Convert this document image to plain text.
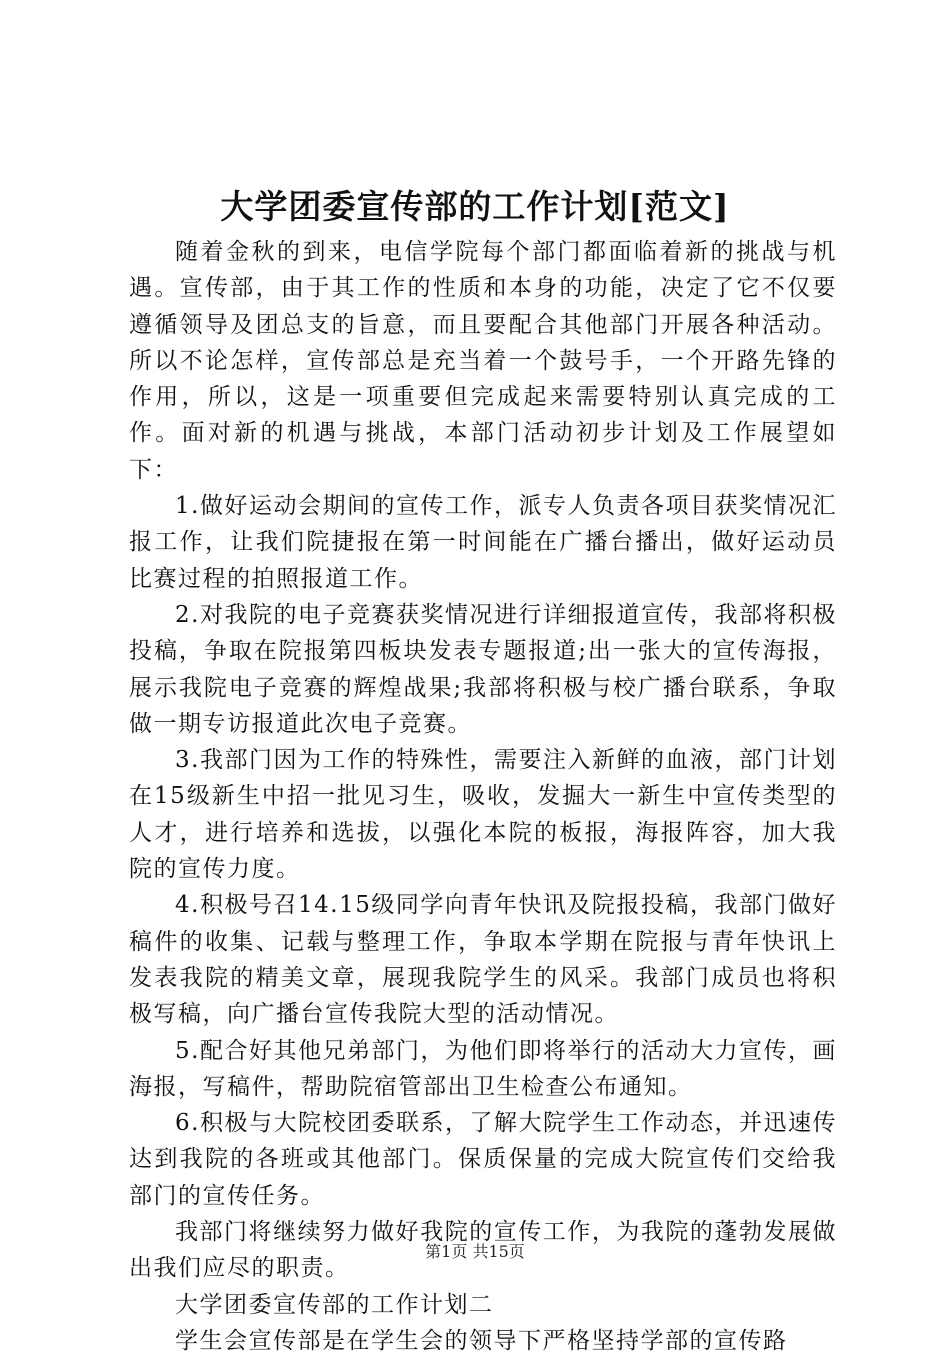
大学团委宣传部的工作计划[范文]

随着金秋的到来，电信学院每个部门都面临着新的挑战与机遇。宣传部，由于其工作的性质和本身的功能，决定了它不仅要遵循领导及团总支的旨意，而且要配合其他部门开展各种活动。所以不论怎样，宣传部总是充当着一个鼓号手，一个开路先锋的作用，所以，这是一项重要但完成起来需要特别认真完成的工作。面对新的机遇与挑战，本部门活动初步计划及工作展望如下：

1.做好运动会期间的宣传工作，派专人负责各项目获奖情况汇报工作，让我们院捷报在第一时间能在广播台播出，做好运动员比赛过程的拍照报道工作。

2.对我院的电子竞赛获奖情况进行详细报道宣传，我部将积极投稿，争取在院报第四板块发表专题报道;出一张大的宣传海报，展示我院电子竞赛的辉煌战果;我部将积极与校广播台联系，争取做一期专访报道此次电子竞赛。

3.我部门因为工作的特殊性，需要注入新鲜的血液，部门计划在15级新生中招一批见习生，吸收，发掘大一新生中宣传类型的人才，进行培养和选拔，以强化本院的板报，海报阵容，加大我院的宣传力度。

4.积极号召14.15级同学向青年快讯及院报投稿，我部门做好稿件的收集、记载与整理工作，争取本学期在院报与青年快讯上发表我院的精美文章，展现我院学生的风采。我部门成员也将积极写稿，向广播台宣传我院大型的活动情况。

5.配合好其他兄弟部门，为他们即将举行的活动大力宣传，画海报，写稿件，帮助院宿管部出卫生检查公布通知。

6.积极与大院校团委联系，了解大院学生工作动态，并迅速传达到我院的各班或其他部门。保质保量的完成大院宣传们交给我部门的宣传任务。

我部门将继续努力做好我院的宣传工作，为我院的蓬勃发展做出我们应尽的职责。

大学团委宣传部的工作计划二

学生会宣传部是在学生会的领导下严格坚持学部的宣传路

第1页 共15页
